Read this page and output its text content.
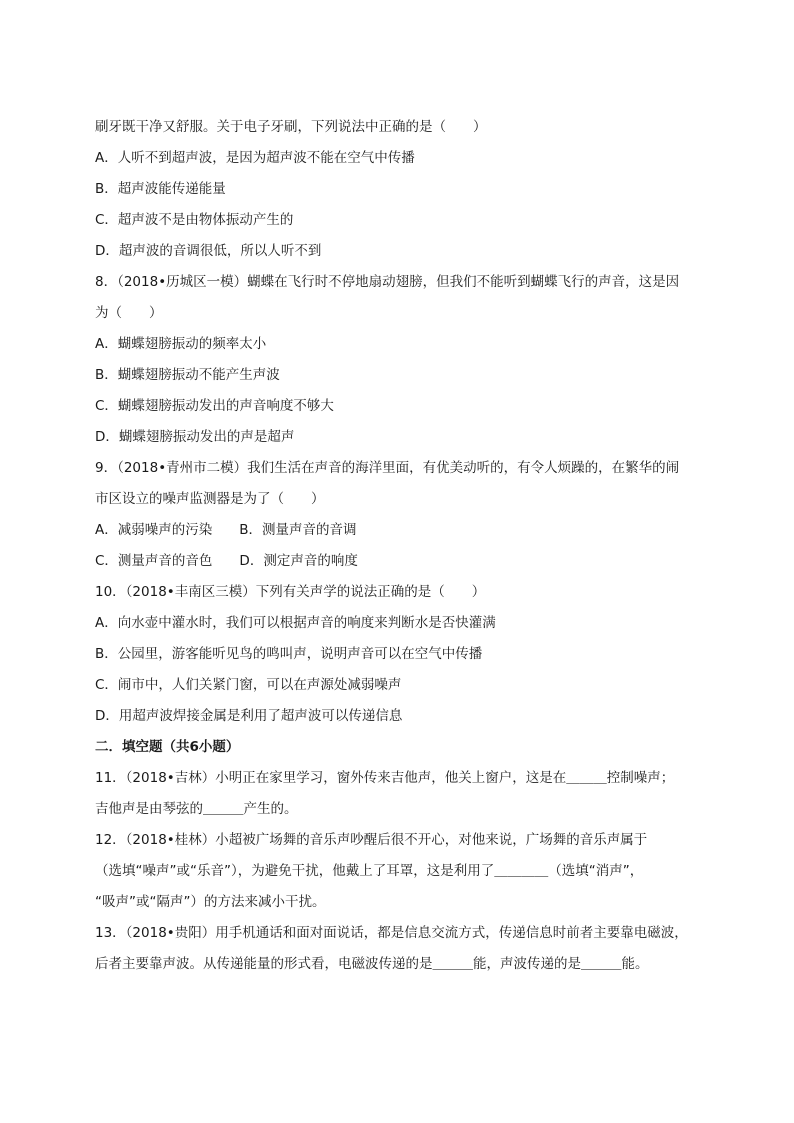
刷牙既干净又舒服。关于电子牙刷，下列说法中正确的是（　　）
A．人听不到超声波，是因为超声波不能在空气中传播
B．超声波能传递能量
C．超声波不是由物体振动产生的
D．超声波的音调很低，所以人听不到
8．（2018•历城区一模）蝴蝶在飞行时不停地扇动翅膀，但我们不能听到蝴蝶飞行的声音，这是因
为（　　）
A．蝴蝶翅膀振动的频率太小
B．蝴蝶翅膀振动不能产生声波
C．蝴蝶翅膀振动发出的声音响度不够大
D．蝴蝶翅膀振动发出的声是超声
9．（2018•青州市二模）我们生活在声音的海洋里面，有优美动听的，有令人烦躁的，在繁华的闹
市区设立的噪声监测器是为了（　　）
A．减弱噪声的污染　　B．测量声音的音调
C．测量声音的音色　　D．测定声音的响度
10．（2018•丰南区三模）下列有关声学的说法正确的是（　　）
A．向水壶中灌水时，我们可以根据声音的响度来判断水是否快灌满
B．公园里，游客能听见鸟的鸣叫声，说明声音可以在空气中传播
C．闹市中，人们关紧门窗，可以在声源处减弱噪声
D．用超声波焊接金属是利用了超声波可以传递信息
二．填空题（共6小题）
11．（2018•吉林）小明正在家里学习，窗外传来吉他声，他关上窗户，这是在＿＿＿控制噪声；
吉他声是由琴弦的＿＿＿产生的。
12．（2018•桂林）小超被广场舞的音乐声吵醒后很不开心，对他来说，广场舞的音乐声属于
（选填“噪声”或“乐音”），为避免干扰，他戴上了耳罩，这是利用了＿＿＿＿（选填“消声”，
“吸声”或“隔声”）的方法来减小干扰。
13．（2018•贵阳）用手机通话和面对面说话，都是信息交流方式，传递信息时前者主要靠电磁波，
后者主要靠声波。从传递能量的形式看，电磁波传递的是＿＿＿能，声波传递的是＿＿＿能。
